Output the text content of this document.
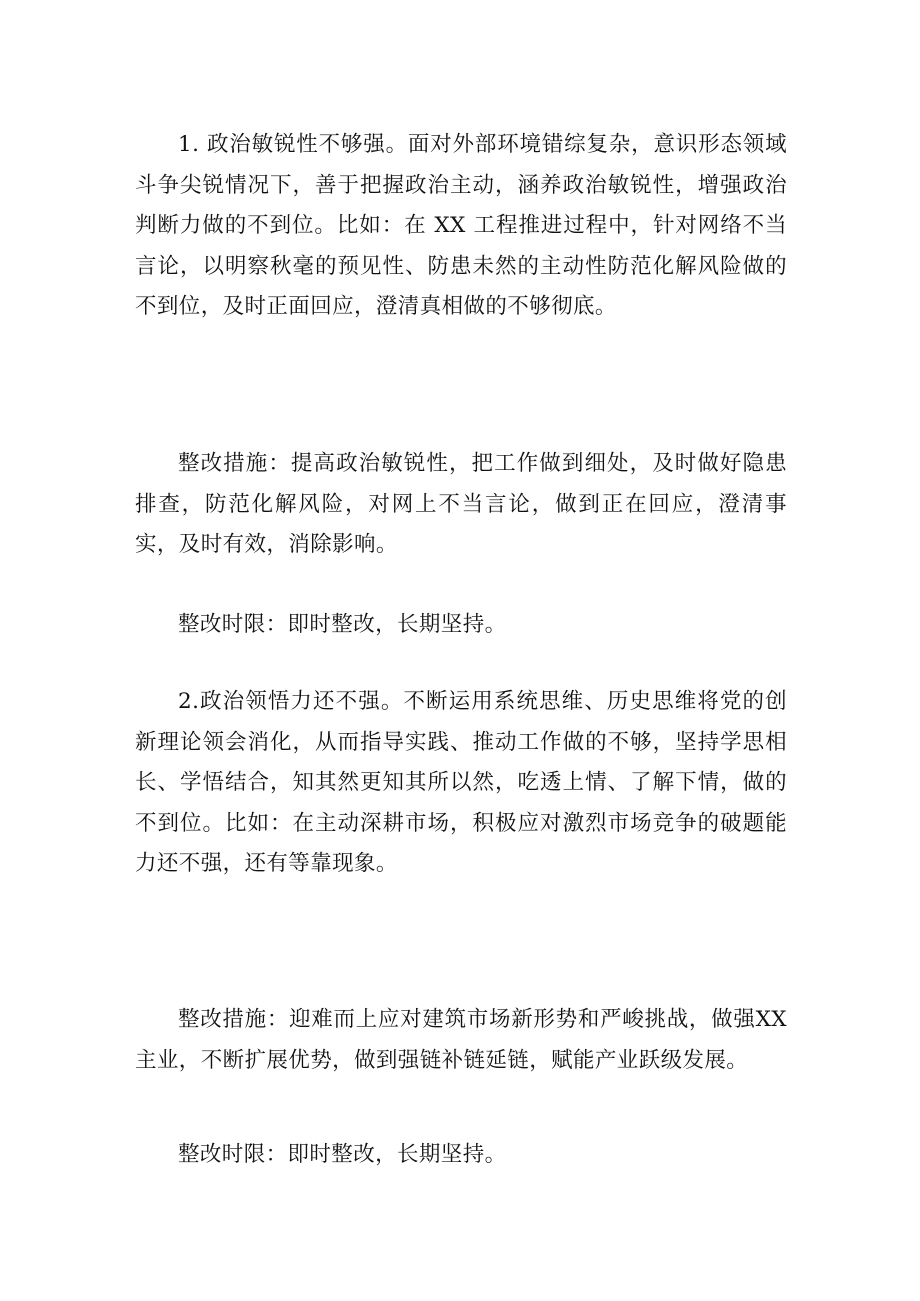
1. 政治敏锐性不够强。面对外部环境错综复杂，意识形态领域斗争尖锐情况下，善于把握政治主动，涵养政治敏锐性，增强政治判断力做的不到位。比如：在 XX 工程推进过程中，针对网络不当言论，以明察秋毫的预见性、防患未然的主动性防范化解风险做的不到位，及时正面回应，澄清真相做的不够彻底。

整改措施：提高政治敏锐性，把工作做到细处，及时做好隐患排查，防范化解风险，对网上不当言论，做到正在回应，澄清事实，及时有效，消除影响。

整改时限：即时整改，长期坚持。

2.政治领悟力还不强。不断运用系统思维、历史思维将党的创新理论领会消化，从而指导实践、推动工作做的不够，坚持学思相长、学悟结合，知其然更知其所以然，吃透上情、了解下情，做的不到位。比如：在主动深耕市场，积极应对激烈市场竞争的破题能力还不强，还有等靠现象。

整改措施：迎难而上应对建筑市场新形势和严峻挑战，做强XX 主业，不断扩展优势，做到强链补链延链，赋能产业跃级发展。

整改时限：即时整改，长期坚持。
